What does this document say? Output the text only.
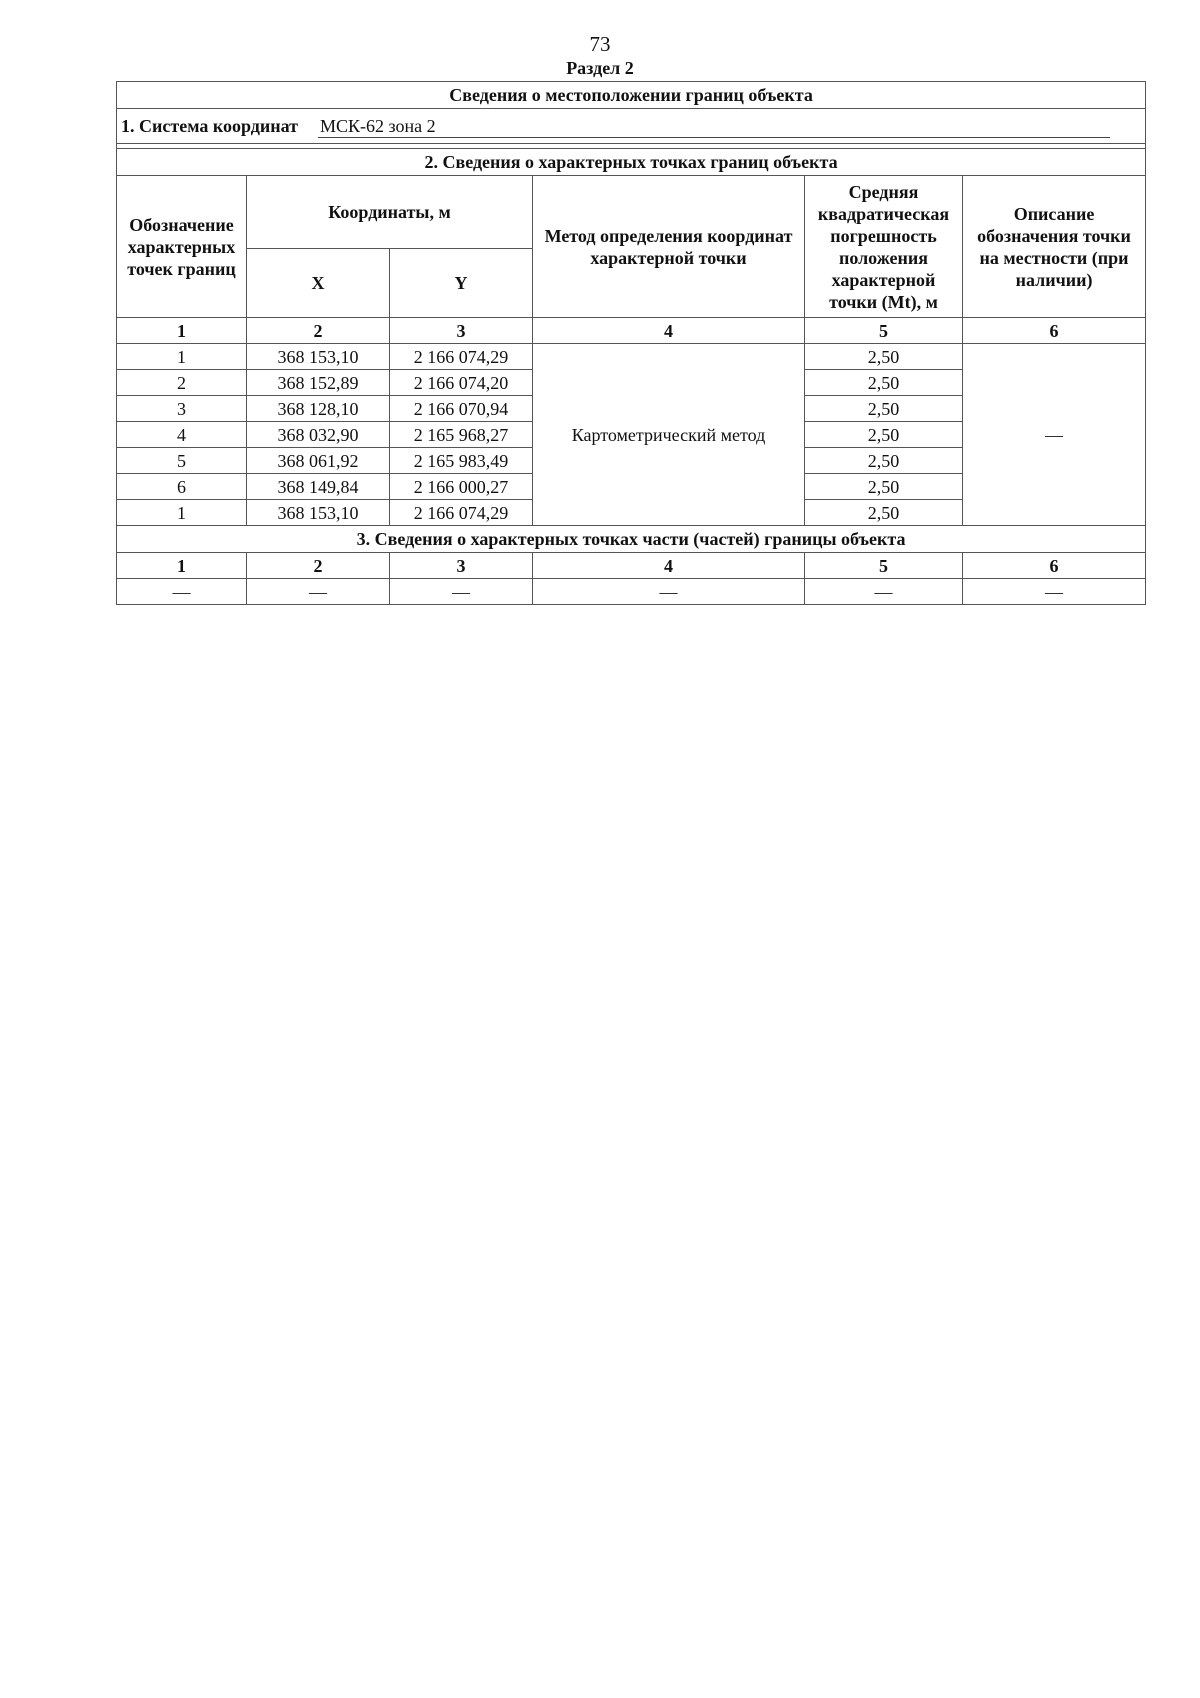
73
Раздел 2
Сведения о местоположении границ объекта					
1. Система координат МСК-62 зона 2					

2. Сведения о характерных точках границ объекта					
Обозначение характерных точек границ	Координаты, м		Метод определения координат характерной точки	Средняя квадратическая погрешность положения характерной точки (Mt), м	Описание обозначения точки на местности (при наличии)
	X	Y			
1	2	3	4	5	6
1	368 153,10	2 166 074,29	Картометрический метод	2,50	—
2	368 152,89	2 166 074,20		2,50	
3	368 128,10	2 166 070,94		2,50	
4	368 032,90	2 165 968,27		2,50	
5	368 061,92	2 165 983,49		2,50	
6	368 149,84	2 166 000,27		2,50	
1	368 153,10	2 166 074,29		2,50	
3. Сведения о характерных точках части (частей) границы объекта					
1	2	3	4	5	6
—	—	—	—	—	—
